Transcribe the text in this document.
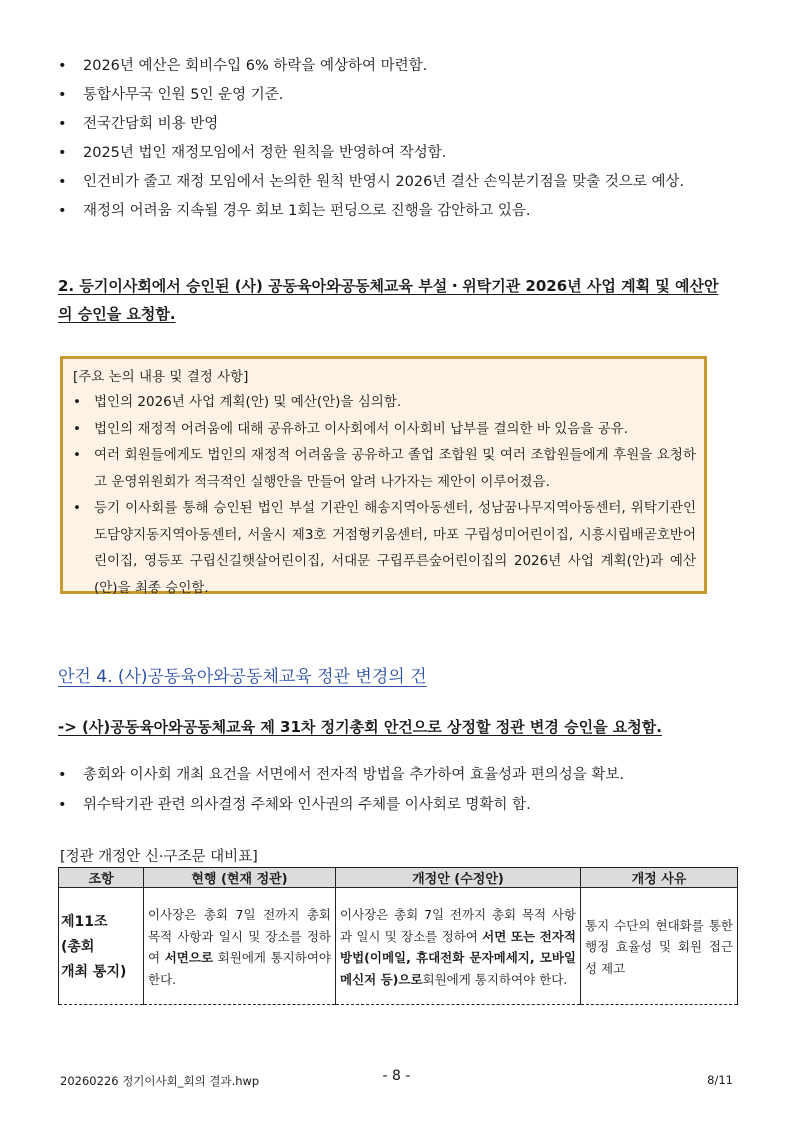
• 2026년 예산은 회비수입 6% 하락을 예상하여 마련함.
• 통합사무국 인원 5인 운영 기준.
• 전국간담회 비용 반영
• 2025년 법인 재정모임에서 정한 원칙을 반영하여 작성함.
• 인건비가 줄고 재정 모임에서 논의한 원칙 반영시 2026년 결산 손익분기점을 맞출 것으로 예상.
• 재정의 어려움 지속될 경우 회보 1회는 펀딩으로 진행을 감안하고 있음.
2. 등기이사회에서 승인된 (사) 공동육아와공동체교육 부설・위탁기관 2026년 사업 계획 및 예산안의 승인을 요청함.
[주요 논의 내용 및 결정 사항]
• 법인의 2026년 사업 계획(안) 및 예산(안)을 심의함.
• 법인의 재정적 어려움에 대해 공유하고 이사회에서 이사회비 납부를 결의한 바 있음을 공유.
• 여러 회원들에게도 법인의 재정적 어려움을 공유하고 졸업 조합원 및 여러 조합원들에게 후원을 요청하고 운영위원회가 적극적인 실행안을 만들어 알려 나가자는 제안이 이루어졌음.
• 등기 이사회를 통해 승인된 법인 부설 기관인 해송지역아동센터, 성남꿈나무지역아동센터, 위탁기관인 도담양지동지역아동센터, 서울시 제3호 거점형키움센터, 마포 구립성미어린이집, 시흥시립배곧호반어린이집, 영등포 구립신길햇살어린이집, 서대문 구립푸른숲어린이집의 2026년 사업 계획(안)과 예산(안)을 최종 승인함.
안건 4. (사)공동육아와공동체교육 정관 변경의 건
-> (사)공동육아와공동체교육 제 31차 정기총회 안건으로 상정할 정관 변경 승인을 요청함.
• 총회와 이사회 개최 요건을 서면에서 전자적 방법을 추가하여 효율성과 편의성을 확보.
• 위수탁기관 관련 의사결정 주체와 인사권의 주체를 이사회로 명확히 함.
[정관 개정안 신·구조문 대비표]
조항	현행 (현재 정관)	개정안 (수정안)	개정 사유
제11조
(총회
개최 통지)	이사장은 총회 7일 전까지 총회 목적 사항과 일시 및 장소를 정하여 서면으로 회원에게 통지하여야 한다.	이사장은 총회 7일 전까지 총회 목적 사항과 일시 및 장소를 정하여 서면 또는 전자적 방법(이메일, 휴대전화 문자메세지, 모바일 메신저 등)으로회원에게 통지하여야 한다.	통지 수단의 현대화를 통한 행정 효율성 및 회원 접근성 제고
20260226 정기이사회_회의 결과.hwp	- 8 -	8/11
